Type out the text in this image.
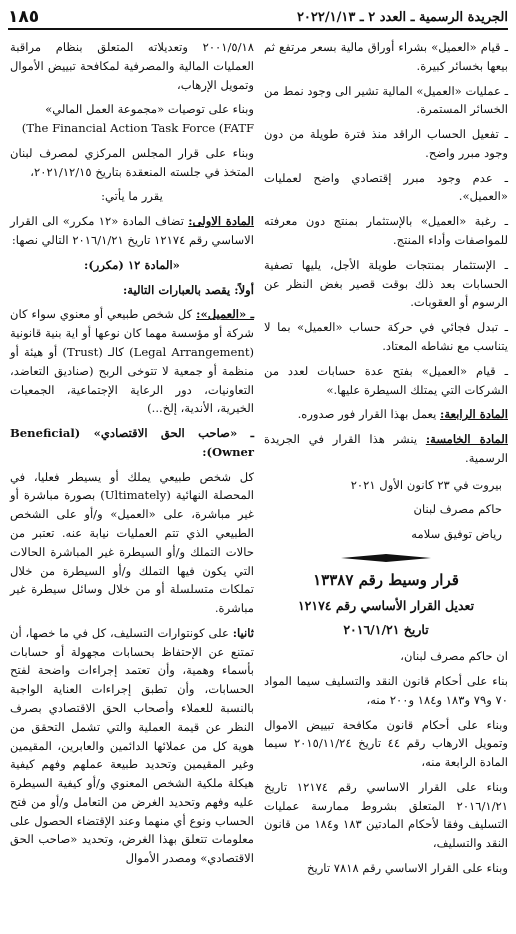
الجريدة الرسمية ـ العدد ٢ ـ ٢٠٢٢/١/١٣
١٨٥

ـ قيام «العميل» بشراء أوراق مالية بسعر مرتفع ثم بيعها بخسائر كبيرة.

ـ عمليات «العميل» المالية تشير الى وجود نمط من الخسائر المستمرة.

ـ تفعيل الحساب الراقد منذ فترة طويلة من دون وجود مبرر واضح.

ـ عدم وجود مبرر إقتصادي واضح لعمليات «العميل».

ـ رغبة «العميل» بالإستثمار بمنتج دون معرفته للمواصفات وأداء المنتج.

ـ الإستثمار بمنتجات طويلة الأجل، يليها تصفية الحسابات بعد ذلك بوقت قصير بغض النظر عن الرسوم أو العقوبات.

ـ تبدل فجائي في حركة حساب «العميل» بما لا يتناسب مع نشاطه المعتاد.

ـ قيام «العميل» بفتح عدة حسابات لعدد من الشركات التي يمتلك السيطرة عليها.»

المادة الرابعة: يعمل بهذا القرار فور صدوره.

المادة الخامسة: ينشر هذا القرار في الجريدة الرسمية.

بيروت في ٢٣ كانون الأول ٢٠٢١

حاكم مصرف لبنان

رياض توفيق سلامه

قرار وسيط رقم ١٣٣٨٧

تعديل القرار الأساسي رقم ١٢١٧٤

تاريخ ٢٠١٦/١/٢١

ان حاكم مصرف لبنان،

بناء على أحكام قانون النقد والتسليف سيما المواد ٧٠ و٧٩ و١٨٣ و١٨٤ و٢٠٠ منه،

وبناء على أحكام قانون مكافحة تبييض الاموال وتمويل الارهاب رقم ٤٤ تاريخ ٢٠١٥/١١/٢٤ سيما المادة الرابعة منه،

وبناء على القرار الاساسي رقم ١٢١٧٤ تاريخ ٢٠١٦/١/٢١ المتعلق بشروط ممارسة عمليات التسليف وفقا لأحكام المادتين ١٨٣ و١٨٤ من قانون النقد والتسليف،

وبناء على القرار الاساسي رقم ٧٨١٨ تاريخ

٢٠٠١/٥/١٨ وتعديلاته المتعلق بنظام مراقبة العمليات المالية والمصرفية لمكافحة تبييض الأموال وتمويل الإرهاب،

وبناء على توصيات «مجموعة العمل المالي»
(The Financial Action Task Force (FATF

وبناء على قرار المجلس المركزي لمصرف لبنان المتخذ في جلسته المنعقدة بتاريخ ٢٠٢١/١٢/١٥،

يقرر ما يأتي:

المادة الاولى: تضاف المادة «١٢ مكرر» الى القرار الاساسي رقم ١٢١٧٤ تاريخ ٢٠١٦/١/٢١ التالي نصها:

«المادة ١٢ (مكرر):

أولاً: يقصد بالعبارات التالية:

ـ «العميل»: كل شخص طبيعي أو معنوي سواء كان شركة أو مؤسسة مهما كان نوعها أو اية بنية قانونية (Legal Arrangement) كالـ (Trust) أو هيئة أو منظمة أو جمعية لا تتوخى الربح (صناديق التعاضد، التعاونيات، دور الرعاية الإجتماعية، الجمعيات الخيرية، الأندية، إلخ...)

ـ «صاحب الحق الاقتصادي» (Beneficial Owner):

كل شخص طبيعي يملك أو يسيطر فعليا، في المحصلة النهائية (Ultimately) بصورة مباشرة أو غير مباشرة، على «العميل» و/أو على الشخص الطبيعي الذي تتم العمليات نيابة عنه. تعتبر من حالات التملك و/أو السيطرة غير المباشرة الحالات التي يكون فيها التملك و/أو السيطرة من خلال تملكات متسلسلة أو من خلال وسائل سيطرة غير مباشرة.

ثانيا: على كونتوارات التسليف، كل في ما خصها، أن تمتنع عن الإحتفاظ بحسابات مجهولة أو حسابات بأسماء وهمية، وأن تعتمد إجراءات واضحة لفتح الحسابات، وأن تطبق إجراءات العناية الواجبة بالنسبة للعملاء وأصحاب الحق الاقتصادي بصرف النظر عن قيمة العملية والتي تشمل التحقق من هوية كل من عملائها الدائمين والعابرين، المقيمين وغير المقيمين وتحديد طبيعة عملهم وفهم كيفية هيكلة ملكية الشخص المعنوي و/أو كيفية السيطرة عليه وفهم وتحديد الغرض من التعامل و/أو من فتح الحساب ونوع أي منهما وعند الإقتضاء الحصول على معلومات تتعلق بهذا الغرض، وتحديد «صاحب الحق الاقتصادي» ومصدر الأموال
